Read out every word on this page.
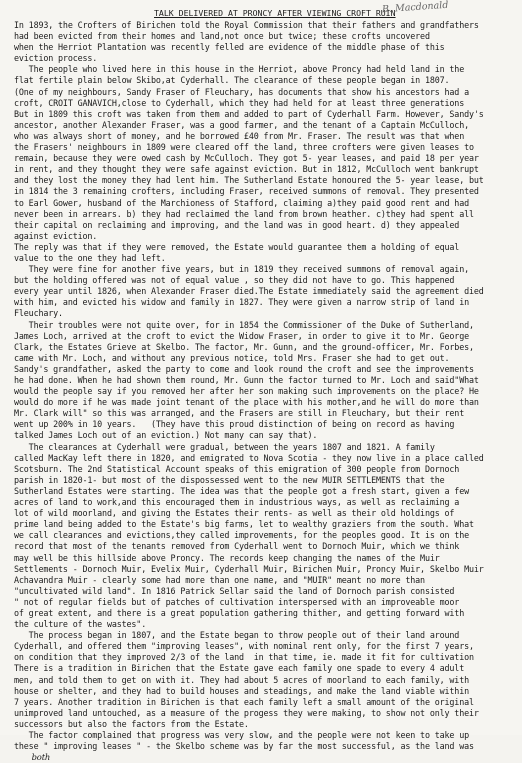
TALK DELIVERED AT PRONCY AFTER VIEWING CROFT RUIN
B. Macdonald
In 1893, the Crofters of Birichen told the Royal Commission that their fathers and grandfathers
had been evicted from their homes and land,not once but twice; these crofts uncovered
when the Herriot Plantation was recently felled are evidence of the middle phase of this
eviction process.
The people who lived here in this house in the Herriot, above Proncy had held land in the
flat fertile plain below Skibo,at Cyderhall. The clearance of these people began in 1807.
(One of my neighbours, Sandy Fraser of Fleuchary, has documents that show his ancestors had a
croft, CROIT GANAVICH,close to Cyderhall, which they had held for at least three generations
But in 1809 this croft was taken from them and added to part of Cyderhall Farm. However, Sandy's
ancestor, another Alexander Fraser, was a good farmer, and the tenant of a Captain McCulloch,
who was always short of money, and he borrowed £40 from Mr. Fraser. The result was that when
the Frasers' neighbours in 1809 were cleared off the land, three crofters were given leases to
remain, because they were owed cash by McCulloch. They got 5- year leases, and paid 18 per year
in rent, and they thought they were safe against eviction. But in 1812, McCulloch went bankrupt
and they lost the money they had lent him. The Sutherland Estate honoured the 5- year lease, but
in 1814 the 3 remaining crofters, including Fraser, received summons of removal. They presented
to Earl Gower, husband of the Marchioness of Stafford, claiming a)they paid good rent and had
never been in arrears. b) they had reclaimed the land from brown heather. c)they had spent all
their capital on reclaiming and improving, and the land was in good heart. d) they appealed
against eviction.
The reply was that if they were removed, the Estate would guarantee them a holding of equal
value to the one they had left.
They were fine for another five years, but in 1819 they received summons of removal again,
but the holding offered was not of equal value , so they did not have to go. This happened
every year until 1826, when Alexander Fraser died.The Estate immediately said the agreement died
with him, and evicted his widow and family in 1827. They were given a narrow strip of land in
Fleuchary.
Their troubles were not quite over, for in 1854 the Commissioner of the Duke of Sutherland,
James Loch, arrived at the croft to evict the Widow Fraser, in order to give it to Mr. George
Clark, the Estates Grieve at Skelbo. The factor, Mr. Gunn, and the ground-officer, Mr. Forbes,
came with Mr. Loch, and without any previous notice, told Mrs. Fraser she had to get out.
Sandy's grandfather, asked the party to come and look round the croft and see the improvements
he had done. When he had shown them round, Mr. Gunn the factor turned to Mr. Loch and said"What
would the people say if you removed her after her son making such improvements on the place? He
would do more if he was made joint tenant of the place with his mother,and he will do more than
Mr. Clark will" so this was arranged, and the Frasers are still in Fleuchary, but their rent
went up 200% in 10 years.   (They have this proud distinction of being on record as having
talked James Loch out of an eviction.) Not many can say that).
The clearances at Cyderhall were gradual, between the years 1807 and 1821. A family
called MacKay left there in 1820, and emigrated to Nova Scotia - they now live in a place called
Scotsburn. The 2nd Statistical Account speaks of this emigration of 300 people from Dornoch
parish in 1820-1- but most of the dispossessed went to the new MUIR SETTLEMENTS that the
Sutherland Estates were starting. The idea was that the people got a fresh start, given a few
acres of land to work,and this encouraged them in industrious ways, as well as reclaiming a
lot of wild moorland, and giving the Estates their rents- as well as their old holdings of
prime land being added to the Estate's big farms, let to wealthy graziers from the south. What
we call clearances and evictions,they called improvements, for the peoples good. It is on the
record that most of the tenants removed from Cyderhall went to Dornoch Muir, which we think
may well be this hillside above Proncy. The records keep changing the names of the Muir
Settlements - Dornoch Muir, Evelix Muir, Cyderhall Muir, Birichen Muir, Proncy Muir, Skelbo Muir
Achavandra Muir - clearly some had more than one name, and "MUIR" meant no more than
"uncultivated wild land". In 1816 Patrick Sellar said the land of Dornoch parish consisted
" not of regular fields but of patches of cultivation interspersed with an improveable moor
of great extent, and there is a great population gathering thither, and getting forward with
the culture of the wastes".
The process began in 1807, and the Estate began to throw people out of their land around
Cyderhall, and offered them "improving leases", with nominal rent only, for the first 7 years,
on condition that they improved 2/3 of the land  in that time, ie. made it fit for cultivation
There is a tradition in Birichen that the Estate gave each family one spade to every 4 adult
men, and told them to get on with it. They had about 5 acres of moorland to each family, with
house or shelter, and they had to build houses and steadings, and make the land viable within
7 years. Another tradition in Birichen is that each family left a small amount of the original
unimproved land untouched, as a measure of the progess they were making, to show not only their
successors but also the factors from the Estate.
The factor complained that progress was very slow, and the people were not keen to take up
these " improving leases " - the Skelbo scheme was by far the most successful, as the land was
both
